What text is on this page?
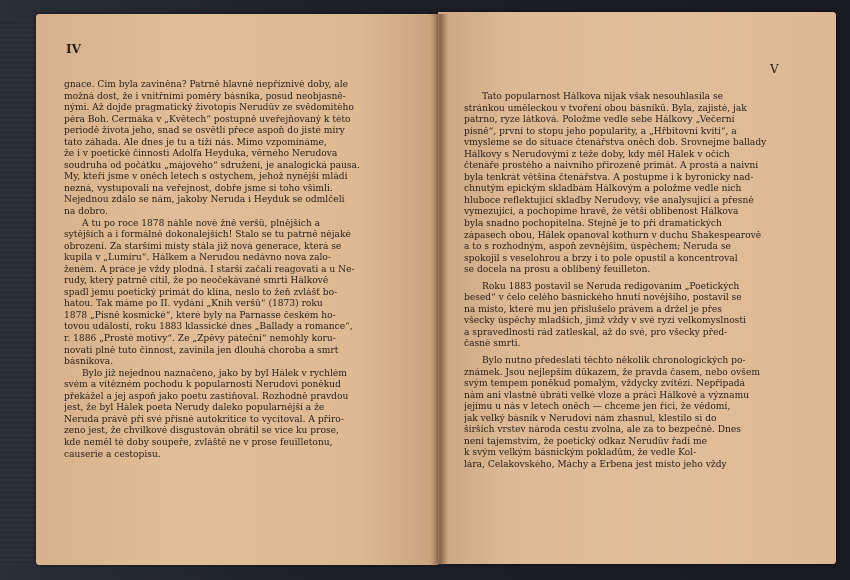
IV
V
gnace. Čím byla zaviněna? Patrně hlavně nepříznivé doby, ale
možná dost, že i vnitřními poměry básníka, posud neobjasně-
nými. Až dojde pragmatický životopis Nerudův ze svědomitého
péra Boh. Čermáka v „Květech“ postupně uveřejňovaný k této
periodě života jeho, snad se osvětlí přece aspoň do jisté míry
tato záhada. Ale dnes je tu a tíží nás. Mimo vzpomínáme,
že i v poetické činnosti Adolfa Heyduka, věrného Nerudova
soudruha od počátku „májového“ sdružení, je analogická pausa.
My, kteří jsme v oněch letech s ostychem, jehož nynější mládí
nezná, vystupovali na veřejnost, dobře jsme si toho všimli.
Nejednou zdálo se nám, jakoby Neruda i Heyduk se odmlčeli
na dobro.
A tu po roce 1878 náhle nové žně veršů, plnějších a
sytějších a i formálně dokonalejších! Stalo se tu patrně nějaké
obrození. Za staršími místy stála již nová generace, která se
kupila v „Lumíru“. Hálkem a Nerudou nedávno nova zalo-
ženém. A práce je vždy plodná. I starší začali reagovati a u Ne-
rudy, který patrně cítil, že po neočekávané smrti Hálkově
spadl jemu poetický primát do klína, neslo to žeň zvlášť bo-
hatou. Tak máme po II. vydání „Knih veršů“ (1873) roku
1878 „Písně kosmické“, které byly na Parnasse českém ho-
tovou událostí, roku 1883 klassické dnes „Ballady a romance“,
r. 1886 „Prosté motivy“. Že „Zpěvy páteční“ nemohly koru-
novati plně tuto činnost, zavinila jen dlouhá choroba a smrt
básníkova.
Bylo již nejednou naznačeno, jako by byl Hálek v rychlém
svém a vítězném pochodu k popularnosti Nerudovi poněkud
překážel a jej aspoň jako poetu zastiňoval. Rozhodně pravdou
jest, že byl Hálek poeta Nerudy daleko popularnější a že
Neruda právě při své přísné autokritice to vycítoval. A přiro-
zeno jest, že chvilkové disgustován obrátil se více ku prose,
kde neměl té doby soupeře, zvláště ne v prose feuilletonu,
causerie a cestopisu.
Tato popularnost Hálkova nijak však nesouhlasila se
stránkou uměleckou v tvoření obou básníků. Byla, zajisté, jak
patrno, ryze látková. Položme vedle sebe Hálkovy „Večerní
písně“, první to stopu jeho popularity, a „Hřbitovní kvítí“, a
vmysleme se do situace čtenářstva oněch dob. Srovnejme ballady
Hálkovy s Nerudovými z téže doby, kdy měl Hálek v očích
čtenáře prostého a naivního přirozeně primát. A prostá a naivní
byla tenkrát většina čtenářstva. A postupme i k byronicky nad-
chnutým epickým skladbám Hálkovým a položme vedle nich
hluboce reflektující skladby Nerudovy, vše analysující a přesně
vymezující, a pochopíme hravě, že větší oblibenost Hálkova
byla snadno pochopitelna. Stejně je to při dramatických
zápasech obou, Hálek opanoval kothurn v duchu Shakespearově
a to s rozhodným, aspoň zevnějším, úspěchem; Neruda se
spokojil s veselohrou a brzy i to pole opustil a koncentroval
se docela na prosu a oblíbený feuilleton.
Roku 1883 postavil se Neruda redigováním „Poetických
besed“ v čelo celého básnického hnutí novějšího, postavil se
na místo, které mu jen příslušelo právem a držel je přes
všecky úspěchy mladších, jimž vždy v své ryzí velkomyslnosti
a spravedlnosti rád zatleskal, až do své, pro všecky před-
časné smrti.
Bylo nutno předeslati těchto několik chronologických po-
známek. Jsou nejlepším důkazem, že pravda časem, nebo ovšem
svým tempem poněkud pomalým, vždycky zvítězí. Nepřipadá
nám ani vlastně úbráti velké vloze a práci Hálkově a významu
jejímu u nás v letech oněch — chceme jen říci, že vědomí,
jak velký básník v Nerudovi nám zhasnul, klestilo si do
širších vrstev národa cestu zvolna, ale za to bezpečně. Dnes
není tajemstvím, že poetický odkaz Nerudův řadí me
k svým velkým básnickým pokladům, že vedle Kol-
lára, Čelakovského, Máchy a Erbena jest místo jeho vždy
